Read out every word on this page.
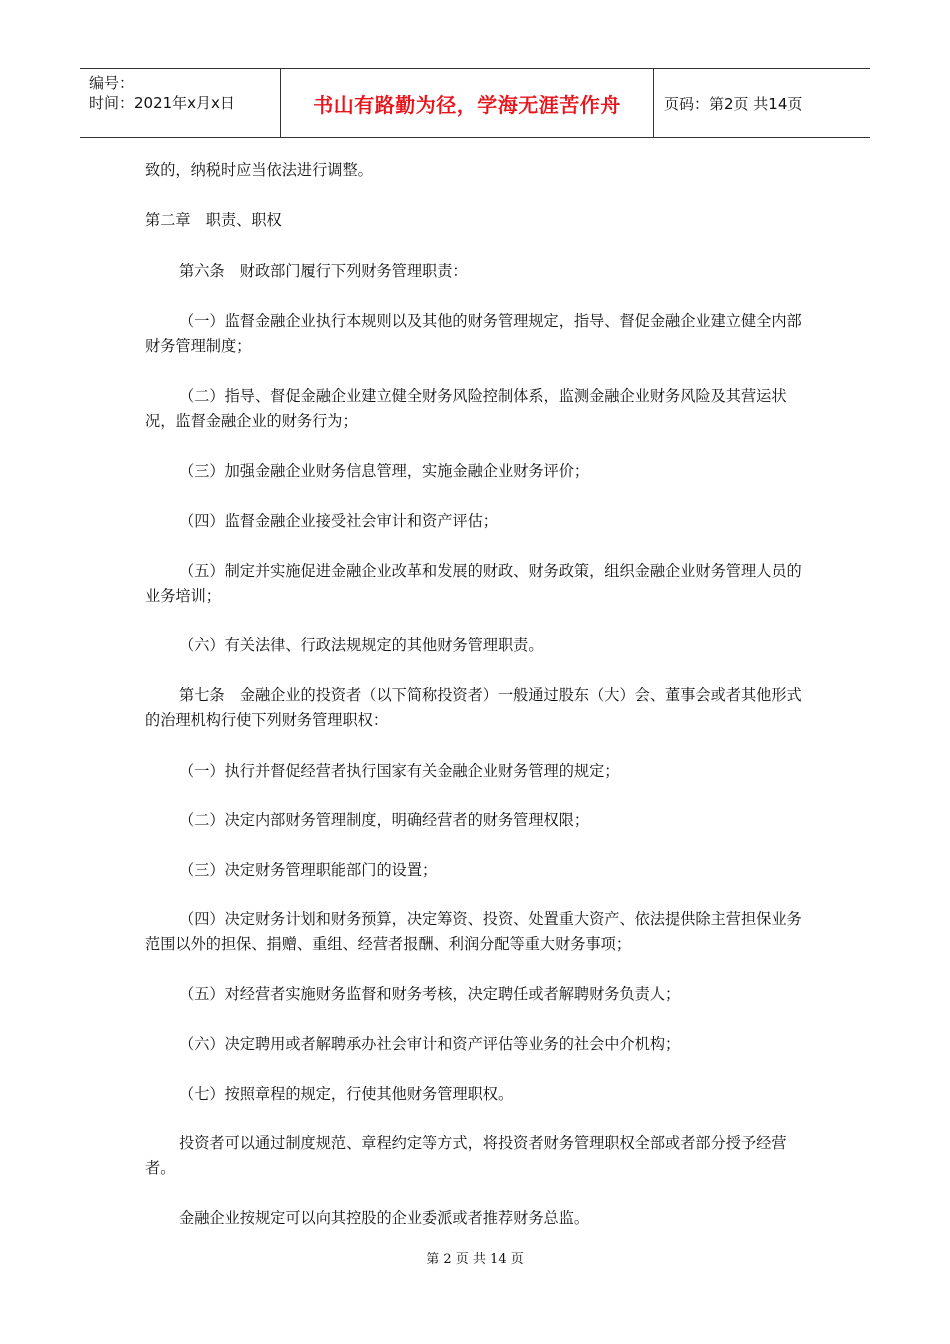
编号：
时间：2021年x月x日	书山有路勤为径，学海无涯苦作舟	页码：第2页 共14页

致的，纳税时应当依法进行调整。

第二章　职责、职权

第六条　财政部门履行下列财务管理职责：

（一）监督金融企业执行本规则以及其他的财务管理规定，指导、督促金融企业建立健全内部财务管理制度；

（二）指导、督促金融企业建立健全财务风险控制体系，监测金融企业财务风险及其营运状况，监督金融企业的财务行为；

（三）加强金融企业财务信息管理，实施金融企业财务评价；

（四）监督金融企业接受社会审计和资产评估；

（五）制定并实施促进金融企业改革和发展的财政、财务政策，组织金融企业财务管理人员的业务培训；

（六）有关法律、行政法规规定的其他财务管理职责。

第七条　金融企业的投资者（以下简称投资者）一般通过股东（大）会、董事会或者其他形式的治理机构行使下列财务管理职权：

（一）执行并督促经营者执行国家有关金融企业财务管理的规定；

（二）决定内部财务管理制度，明确经营者的财务管理权限；

（三）决定财务管理职能部门的设置；

（四）决定财务计划和财务预算，决定筹资、投资、处置重大资产、依法提供除主营担保业务范围以外的担保、捐赠、重组、经营者报酬、利润分配等重大财务事项；

（五）对经营者实施财务监督和财务考核，决定聘任或者解聘财务负责人；

（六）决定聘用或者解聘承办社会审计和资产评估等业务的社会中介机构；

（七）按照章程的规定，行使其他财务管理职权。

投资者可以通过制度规范、章程约定等方式，将投资者财务管理职权全部或者部分授予经营者。

金融企业按规定可以向其控股的企业委派或者推荐财务总监。

第 2 页 共 14 页
